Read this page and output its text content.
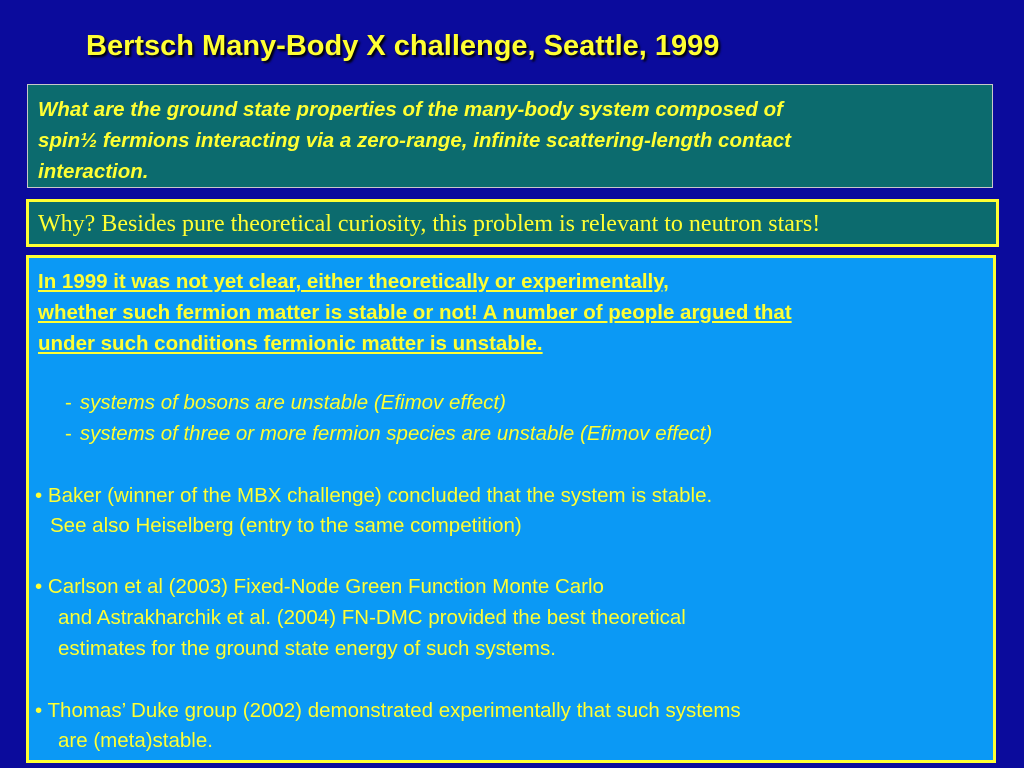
Bertsch Many-Body X challenge, Seattle, 1999
What are the ground state properties of the many-body system composed of
spin½ fermions interacting via a zero-range, infinite scattering-length contact
interaction.
Why? Besides pure theoretical curiosity, this problem is relevant to neutron stars!
In 1999 it was not yet clear, either theoretically or experimentally,
whether such fermion matter is stable or not! A number of people argued that
under such conditions fermionic matter is unstable.
- systems of bosons are unstable (Efimov effect)
- systems of three or more fermion species are unstable (Efimov effect)
• Baker (winner of the MBX challenge) concluded that the system is stable.
See also Heiselberg (entry to the same competition)
• Carlson et al (2003) Fixed-Node Green Function Monte Carlo
and Astrakharchik et al. (2004) FN-DMC provided the best theoretical
estimates for the ground state energy of such systems.
• Thomas’ Duke group (2002) demonstrated experimentally that such systems
are (meta)stable.
